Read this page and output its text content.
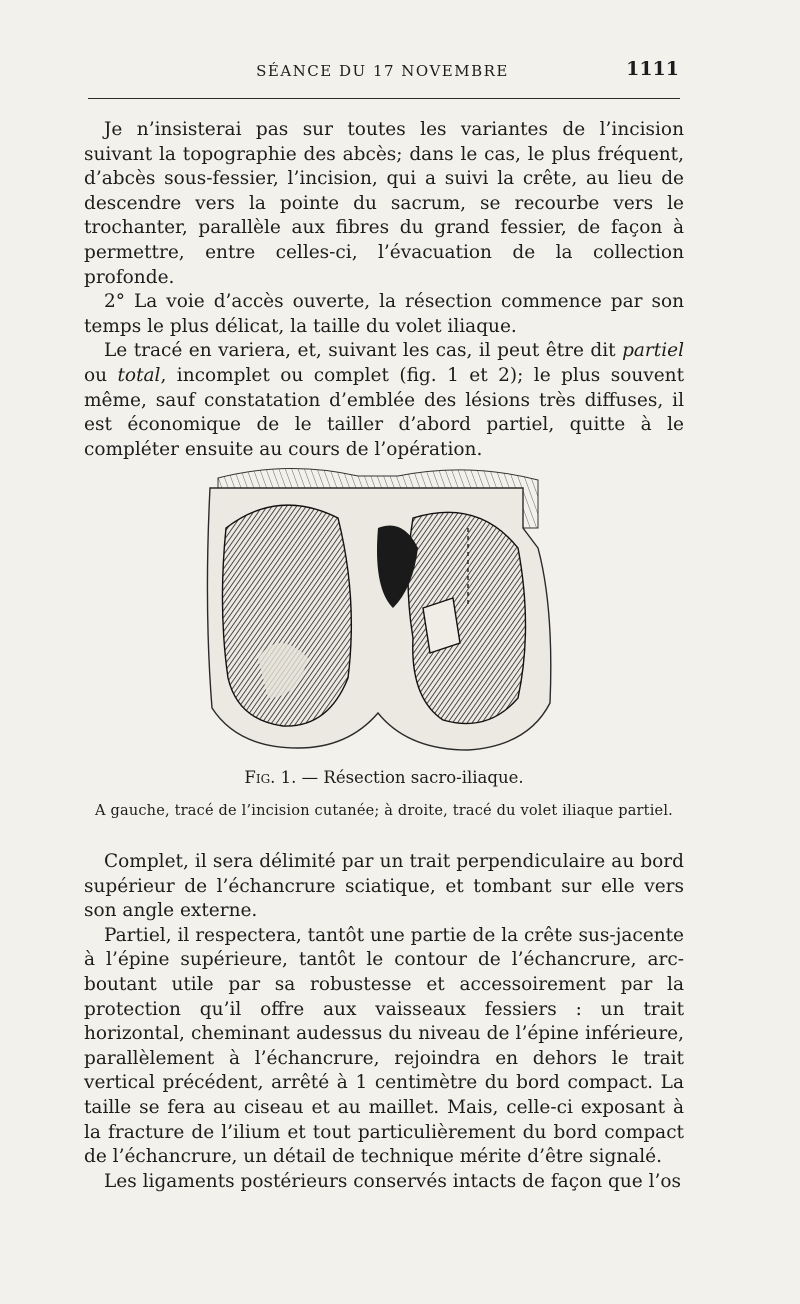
SÉANCE DU 17 NOVEMBRE	1111

Je n’insisterai pas sur toutes les variantes de l’incision suivant la topographie des abcès; dans le cas, le plus fréquent, d’abcès sous-fessier, l’incision, qui a suivi la crête, au lieu de descendre vers la pointe du sacrum, se recourbe vers le trochanter, parallèle aux fibres du grand fessier, de façon à permettre, entre celles-ci, l’évacuation de la collection profonde.

2° La voie d’accès ouverte, la résection commence par son temps le plus délicat, la taille du volet iliaque.

Le tracé en variera, et, suivant les cas, il peut être dit partiel ou total, incomplet ou complet (fig. 1 et 2); le plus souvent même, sauf constatation d’emblée des lésions très diffuses, il est économique de le tailler d’abord partiel, quitte à le compléter ensuite au cours de l’opération.

Fig. 1. — Résection sacro-iliaque.
A gauche, tracé de l’incision cutanée; à droite, tracé du volet iliaque partiel.

Complet, il sera délimité par un trait perpendiculaire au bord supérieur de l’échancrure sciatique, et tombant sur elle vers son angle externe.

Partiel, il respectera, tantôt une partie de la crête sus-jacente à l’épine supérieure, tantôt le contour de l’échancrure, arc-boutant utile par sa robustesse et accessoirement par la protection qu’il offre aux vaisseaux fessiers : un trait horizontal, cheminant audessus du niveau de l’épine inférieure, parallèlement à l’échancrure, rejoindra en dehors le trait vertical précédent, arrêté à 1 centimètre du bord compact. La taille se fera au ciseau et au maillet. Mais, celle-ci exposant à la fracture de l’ilium et tout particulièrement du bord compact de l’échancrure, un détail de technique mérite d’être signalé.

Les ligaments postérieurs conservés intacts de façon que l’os
